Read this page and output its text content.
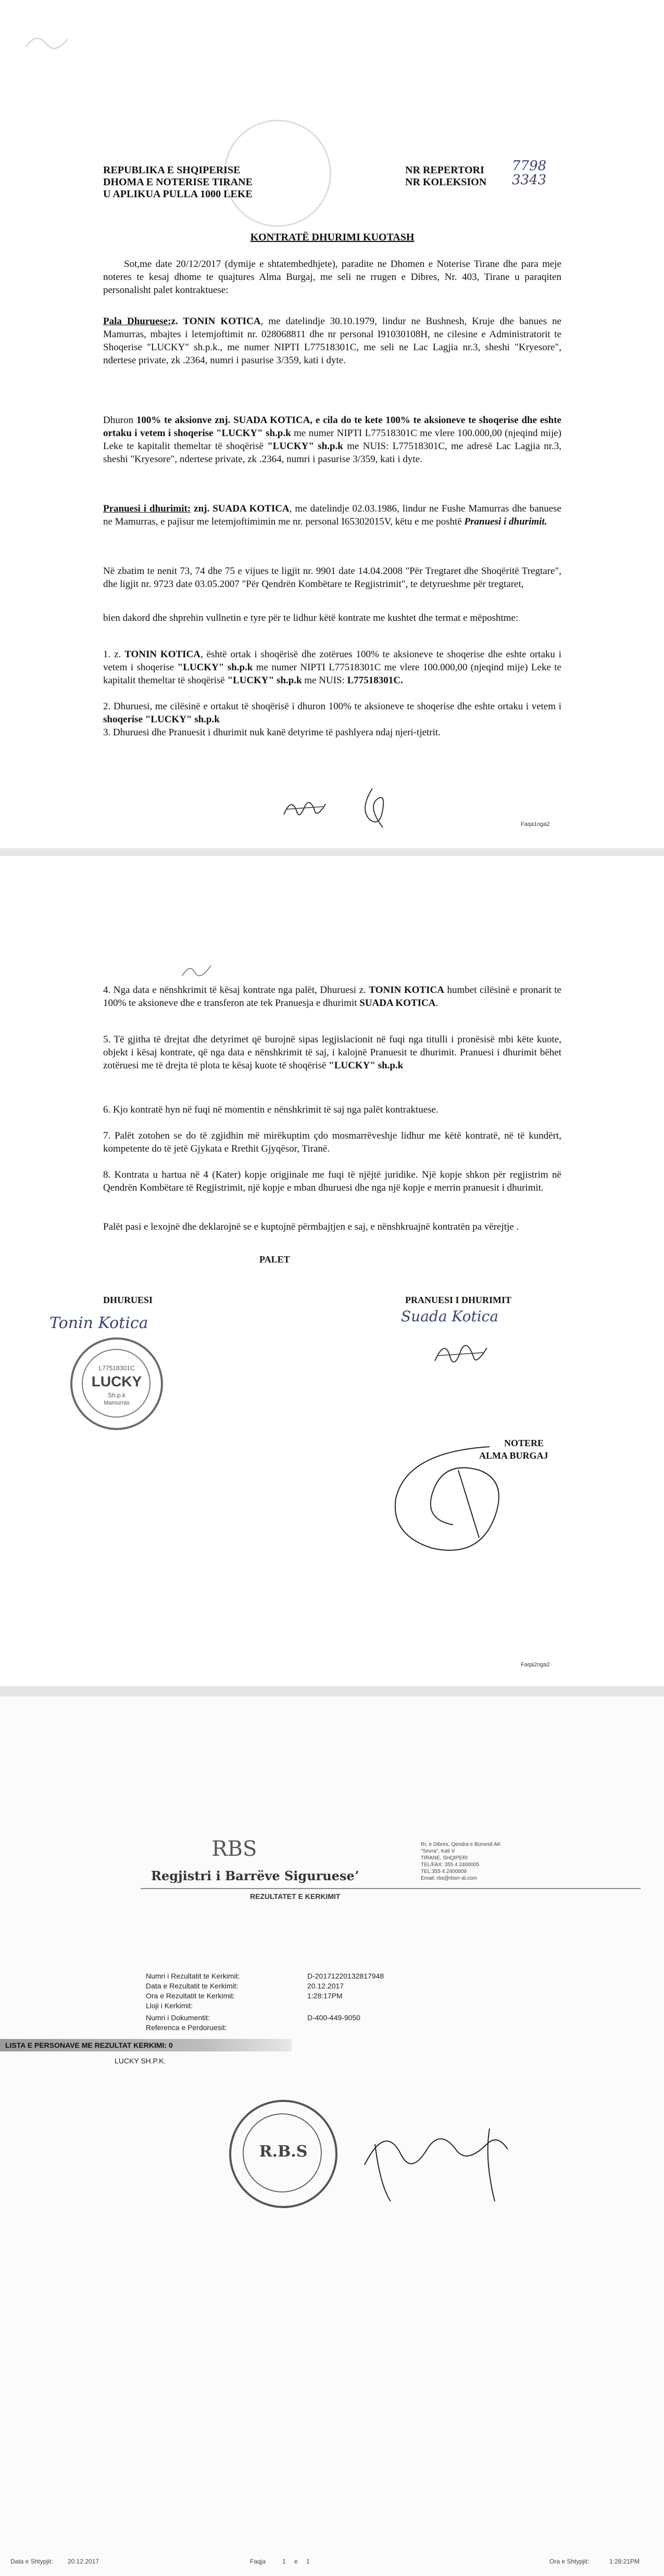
REPUBLIKA E SHQIPERISE
DHOMA E NOTERISE TIRANE
U APLIKUA PULLA 1000 LEKE
NR REPERTORI 7798
NR KOLEKSION 3343
KONTRATË DHURIMI KUOTASH
Sot,me date 20/12/2017 (dymije e shtatembedhjete), paradite ne Dhomen e Noterise Tirane dhe para meje noteres te kesaj dhome te quajtures Alma Burgaj, me seli ne rrugen e Dibres, Nr. 403, Tirane u paraqiten personalisht palet kontraktuese:
Pala Dhuruese:z. TONIN KOTICA, me datelindje 30.10.1979, lindur ne Bushnesh, Kruje dhe banues ne Mamurras, mbajtes i letemjoftimit nr. 028068811 dhe nr personal I91030108H, ne cilesine e Administratorit te Shoqerise "LUCKY" sh.p.k., me numer NIPTI L77518301C, me seli ne Lac Lagjia nr.3, sheshi "Kryesore", ndertese private, zk .2364, numri i pasurise 3/359, kati i dyte.
Dhuron 100% te aksionve znj. SUADA KOTICA, e cila do te kete 100% te aksioneve te shoqerise dhe eshte ortaku i vetem i shoqerise "LUCKY" sh.p.k me numer NIPTI L77518301C me vlere 100.000,00 (njeqind mije) Leke te kapitalit themeltar të shoqërisë "LUCKY" sh.p.k me NUIS: L77518301C, me adresë Lac Lagjia nr.3, sheshi "Kryesore", ndertese private, zk .2364, numri i pasurise 3/359, kati i dyte.
Pranuesi i dhurimit: znj. SUADA KOTICA, me datelindje 02.03.1986, lindur ne Fushe Mamurras dhe banuese ne Mamurras, e pajisur me letemjoftimimin me nr. personal I65302015V, këtu e me poshtë Pranuesi i dhurimit.
Në zbatim te nenit 73, 74 dhe 75 e vijues te ligjit nr. 9901 date 14.04.2008 "Për Tregtaret dhe Shoqëritë Tregtare", dhe ligjit nr. 9723 date 03.05.2007 "Për Qendrën Kombëtare te Regjistrimit", te detyrueshme për tregtaret,
bien dakord dhe shprehin vullnetin e tyre për te lidhur këtë kontrate me kushtet dhe termat e mëposhtme:
1. z. TONIN KOTICA, është ortak i shoqërisë dhe zotërues 100% te aksioneve te shoqerise dhe eshte ortaku i vetem i shoqerise "LUCKY" sh.p.k me numer NIPTI L77518301C me vlere 100.000,00 (njeqind mije) Leke te kapitalit themeltar të shoqërisë "LUCKY" sh.p.k me NUIS: L77518301C.
2. Dhuruesi, me cilësinë e ortakut të shoqërisë i dhuron 100% te aksioneve te shoqerise dhe eshte ortaku i vetem i shoqerise "LUCKY" sh.p.k
3. Dhuruesi dhe Pranuesit i dhurimit nuk kanë detyrime të pashlyera ndaj njeri-tjetrit.
Faqa1nga2
4. Nga data e nënshkrimit të kësaj kontrate nga palët, Dhuruesi z. TONIN KOTICA humbet cilësinë e pronarit te 100% te aksioneve dhe e transferon ate tek Pranuesja e dhurimit SUADA KOTICA.
5. Të gjitha të drejtat dhe detyrimet që burojnë sipas legjislacionit në fuqi nga titulli i pronësisë mbi këte kuote, objekt i kësaj kontrate, që nga data e nënshkrimit të saj, i kalojnë Pranuesit te dhurimit. Pranuesi i dhurimit bëhet zotëruesi me të drejta të plota te kësaj kuote të shoqërisë "LUCKY" sh.p.k
6. Kjo kontratë hyn në fuqi në momentin e nënshkrimit të saj nga palët kontraktuese.
7. Palët zotohen se do të zgjidhin më mirëkuptim çdo mosmarrëveshje lidhur me këtë kontratë, në të kundërt, kompetente do të jetë Gjykata e Rrethit Gjyqësor, Tiranë.
8. Kontrata u hartua në 4 (Kater) kopje origjinale me fuqi të njëjtë juridike. Një kopje shkon për regjistrim në Qendrën Kombëtare të Regjistrimit, një kopje e mban dhuruesi dhe nga një kopje e merrin pranuesit i dhurimit.
Palët pasi e lexojnë dhe deklarojnë se e kuptojnë përmbajtjen e saj, e nënshkruajnë kontratën pa vërejtje .
PALET
DHURUESI	PRANUESI I DHURIMIT
Tonin Kotica	Suada Kotica
L77518301C
LUCKY
Sh.p.k
Mamurras
NOTERE
ALMA BURGAJ
Faqa2nga2
RBS
Regjistri i Barrëve Sigurueseʼ
Rr. e Dibres, Qendra e Biznesit AK
"Sevra", Kati V
TIRANE, SHQIPERI
TEL/FAX: 355 4 2400005
TEL:355 4 2400009
Email: rbs@rbsrr-al.com
REZULTATET E KERKIMIT
Numri i Rezultatit te Kerkimit:	D-20171220132817948
Data e Rezultatit te Kerkimit:	20.12.2017
Ora e Rezultatit te Kerkimit:	1:28:17PM
Lloji i Kerkimit:
Numri i Dokumentit:	D-400-449-9050
Referenca e Perdoruesit:
LISTA E PERSONAVE ME REZULTAT KERKIMI: 0
LUCKY SH.P.K.
R.B.S
Data e Shtypjit: 20.12.2017	Faqja	1 e 1	Ora e Shtypjit:	1:28:21PM
